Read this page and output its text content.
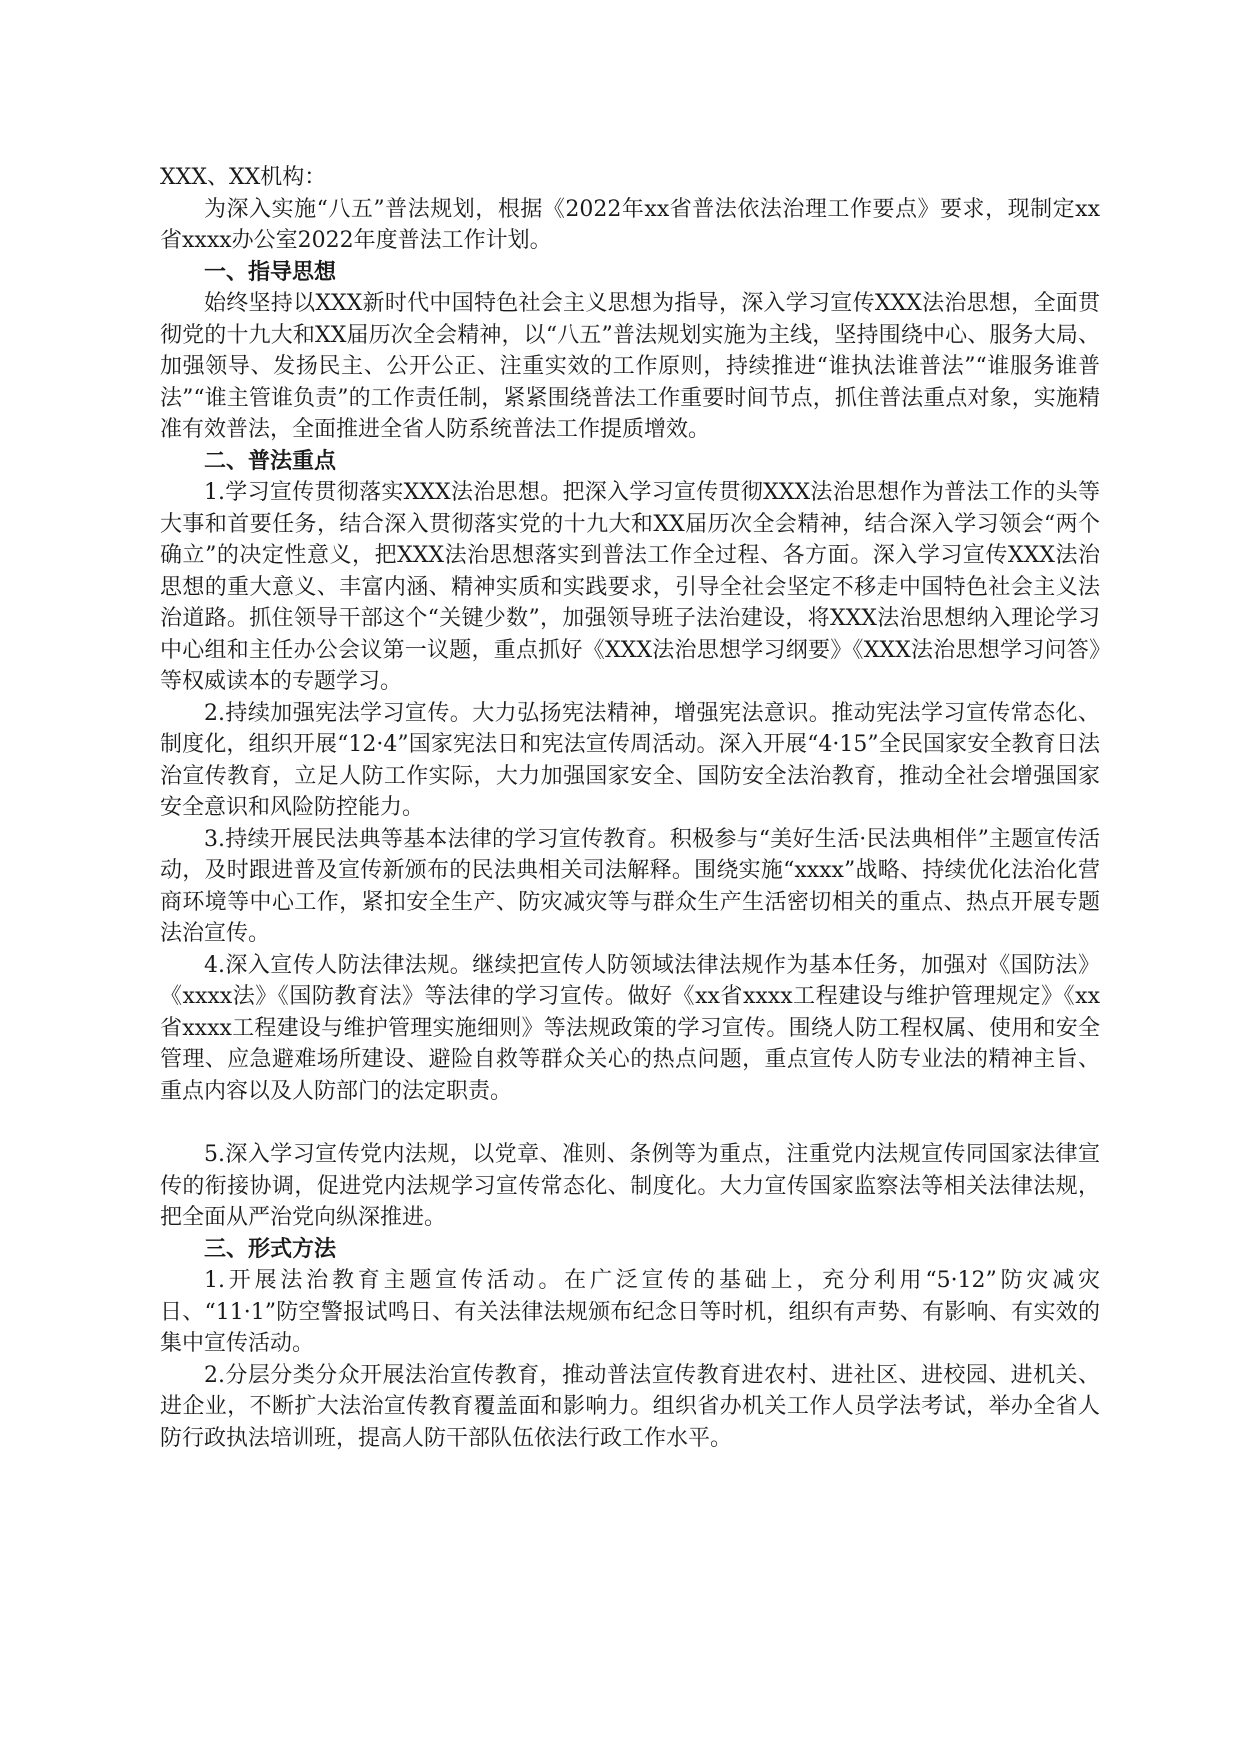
XXX、XX机构：

为深入实施“八五”普法规划，根据《2022年xx省普法依法治理工作要点》要求，现制定xx省xxxx办公室2022年度普法工作计划。

一、指导思想

始终坚持以XXX新时代中国特色社会主义思想为指导，深入学习宣传XXX法治思想，全面贯彻党的十九大和XX届历次全会精神，以“八五”普法规划实施为主线，坚持围绕中心、服务大局、加强领导、发扬民主、公开公正、注重实效的工作原则，持续推进“谁执法谁普法”“谁服务谁普法”“谁主管谁负责”的工作责任制，紧紧围绕普法工作重要时间节点，抓住普法重点对象，实施精准有效普法，全面推进全省人防系统普法工作提质增效。

二、普法重点

1.学习宣传贯彻落实XXX法治思想。把深入学习宣传贯彻XXX法治思想作为普法工作的头等大事和首要任务，结合深入贯彻落实党的十九大和XX届历次全会精神，结合深入学习领会“两个确立”的决定性意义，把XXX法治思想落实到普法工作全过程、各方面。深入学习宣传XXX法治思想的重大意义、丰富内涵、精神实质和实践要求，引导全社会坚定不移走中国特色社会主义法治道路。抓住领导干部这个“关键少数”，加强领导班子法治建设，将XXX法治思想纳入理论学习中心组和主任办公会议第一议题，重点抓好《XXX法治思想学习纲要》《XXX法治思想学习问答》等权威读本的专题学习。

2.持续加强宪法学习宣传。大力弘扬宪法精神，增强宪法意识。推动宪法学习宣传常态化、制度化，组织开展“12·4”国家宪法日和宪法宣传周活动。深入开展“4·15”全民国家安全教育日法治宣传教育，立足人防工作实际，大力加强国家安全、国防安全法治教育，推动全社会增强国家安全意识和风险防控能力。

3.持续开展民法典等基本法律的学习宣传教育。积极参与“美好生活·民法典相伴”主题宣传活动，及时跟进普及宣传新颁布的民法典相关司法解释。围绕实施“xxxx”战略、持续优化法治化营商环境等中心工作，紧扣安全生产、防灾减灾等与群众生产生活密切相关的重点、热点开展专题法治宣传。

4.深入宣传人防法律法规。继续把宣传人防领域法律法规作为基本任务，加强对《国防法》《xxxx法》《国防教育法》等法律的学习宣传。做好《xx省xxxx工程建设与维护管理规定》《xx省xxxx工程建设与维护管理实施细则》等法规政策的学习宣传。围绕人防工程权属、使用和安全管理、应急避难场所建设、避险自救等群众关心的热点问题，重点宣传人防专业法的精神主旨、重点内容以及人防部门的法定职责。

5.深入学习宣传党内法规，以党章、准则、条例等为重点，注重党内法规宣传同国家法律宣传的衔接协调，促进党内法规学习宣传常态化、制度化。大力宣传国家监察法等相关法律法规，把全面从严治党向纵深推进。

三、形式方法

1.开展法治教育主题宣传活动。在广泛宣传的基础上，充分利用“5·12”防灾减灾日、“11·1”防空警报试鸣日、有关法律法规颁布纪念日等时机，组织有声势、有影响、有实效的集中宣传活动。

2.分层分类分众开展法治宣传教育，推动普法宣传教育进农村、进社区、进校园、进机关、进企业，不断扩大法治宣传教育覆盖面和影响力。组织省办机关工作人员学法考试，举办全省人防行政执法培训班，提高人防干部队伍依法行政工作水平。
